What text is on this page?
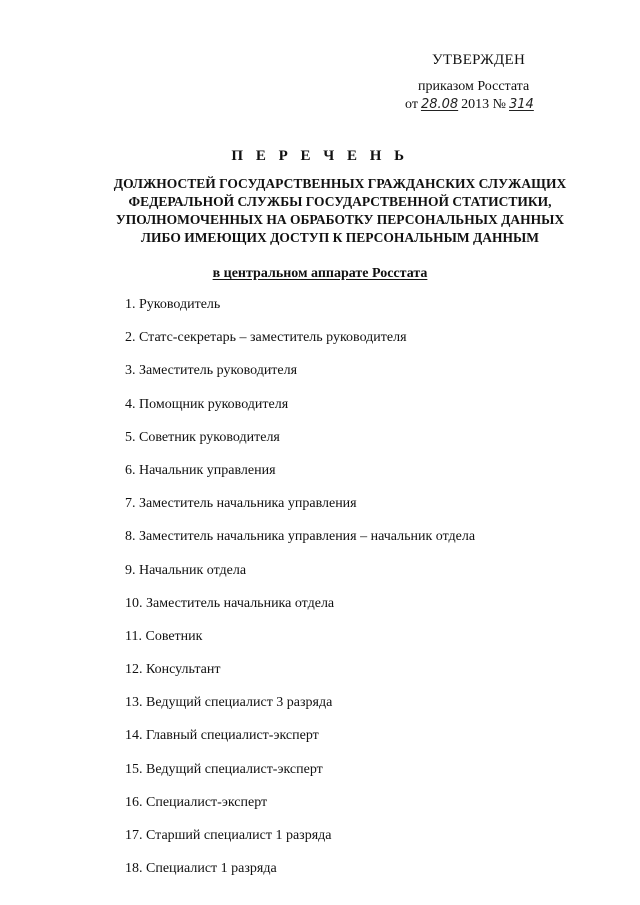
УТВЕРЖДЕН
приказом Росстата
от 28.08 2013 № 314
П Е Р Е Ч Е Н Ь
ДОЛЖНОСТЕЙ ГОСУДАРСТВЕННЫХ ГРАЖДАНСКИХ СЛУЖАЩИХ
ФЕДЕРАЛЬНОЙ СЛУЖБЫ ГОСУДАРСТВЕННОЙ СТАТИСТИКИ,
УПОЛНОМОЧЕННЫХ НА ОБРАБОТКУ ПЕРСОНАЛЬНЫХ ДАННЫХ
ЛИБО ИМЕЮЩИХ ДОСТУП К ПЕРСОНАЛЬНЫМ ДАННЫМ
в центральном аппарате Росстата
1. Руководитель
2. Статс-секретарь – заместитель руководителя
3. Заместитель руководителя
4. Помощник руководителя
5. Советник руководителя
6. Начальник управления
7. Заместитель начальника управления
8. Заместитель начальника управления – начальник отдела
9. Начальник отдела
10. Заместитель начальника отдела
11. Советник
12. Консультант
13. Ведущий специалист 3 разряда
14. Главный специалист-эксперт
15. Ведущий специалист-эксперт
16. Специалист-эксперт
17. Старший специалист 1 разряда
18. Специалист 1 разряда
